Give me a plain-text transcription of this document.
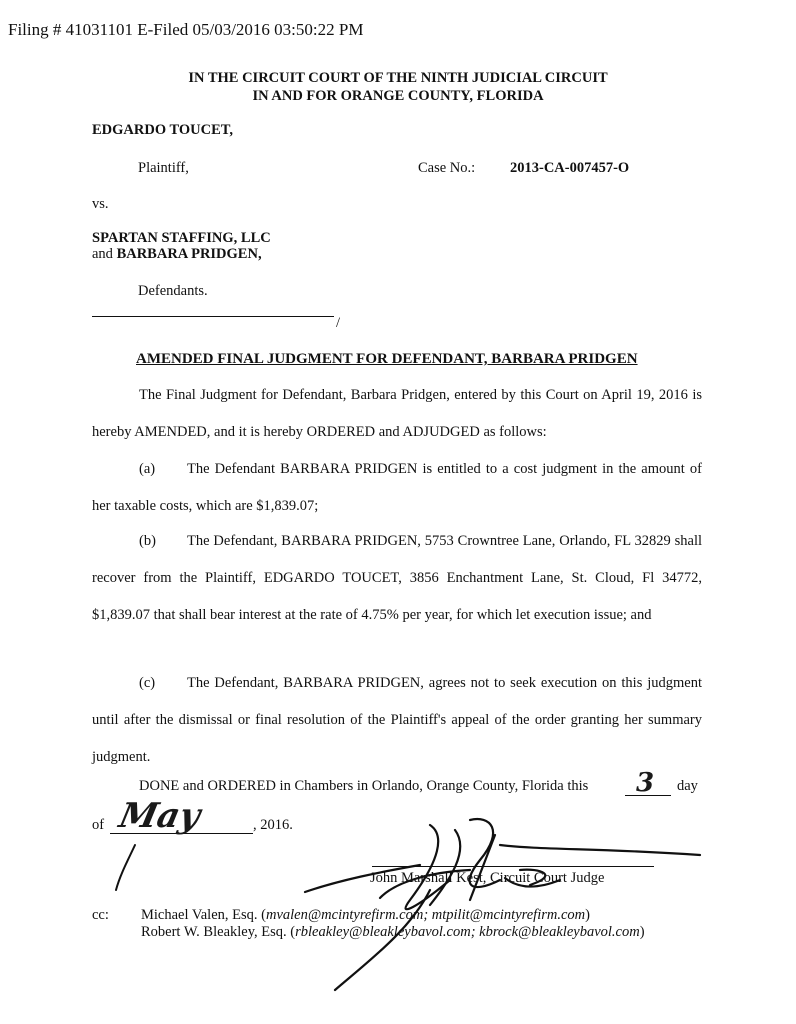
Filing # 41031101 E-Filed 05/03/2016 03:50:22 PM
IN THE CIRCUIT COURT OF THE NINTH JUDICIAL CIRCUIT
IN AND FOR ORANGE COUNTY, FLORIDA
EDGARDO TOUCET,
Plaintiff,	Case No.: 2013-CA-007457-O
vs.
SPARTAN STAFFING, LLC
and BARBARA PRIDGEN,
Defendants.
/
AMENDED FINAL JUDGMENT FOR DEFENDANT, BARBARA PRIDGEN
The Final Judgment for Defendant, Barbara Pridgen, entered by this Court on April 19, 2016 is hereby AMENDED, and it is hereby ORDERED and ADJUDGED as follows:
(a) The Defendant BARBARA PRIDGEN is entitled to a cost judgment in the amount of her taxable costs, which are $1,839.07;
(b) The Defendant, BARBARA PRIDGEN, 5753 Crowntree Lane, Orlando, FL 32829 shall recover from the Plaintiff, EDGARDO TOUCET, 3856 Enchantment Lane, St. Cloud, Fl 34772, $1,839.07 that shall bear interest at the rate of 4.75% per year, for which let execution issue; and
(c) The Defendant, BARBARA PRIDGEN, agrees not to seek execution on this judgment until after the dismissal or final resolution of the Plaintiff's appeal of the order granting her summary judgment.
DONE and ORDERED in Chambers in Orlando, Orange County, Florida this 3 day
of May	, 2016.
John Marshall Kest, Circuit Court Judge
cc: Michael Valen, Esq. (mvalen@mcintyrefirm.com; mtpilit@mcintyrefirm.com)
Robert W. Bleakley, Esq. (rbleakley@bleakleybavol.com; kbrock@bleakleybavol.com)
